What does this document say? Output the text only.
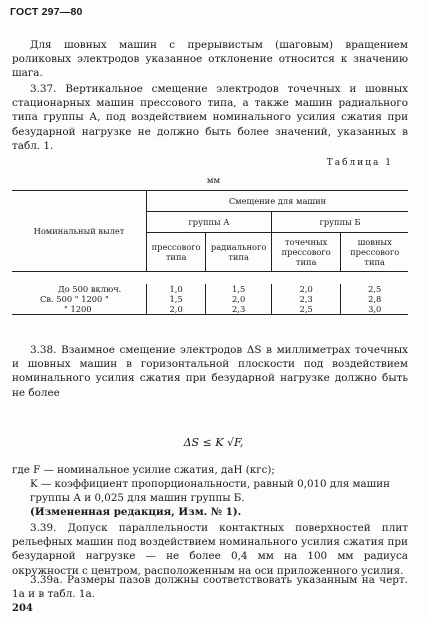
ГОСТ 297—80
Для шовных машин с прерывистым (шаговым) вращением роликовых электродов указанное отклонение относится к значению шага.
3.37. Вертикальное смещение электродов точечных и шовных стационарных машин прессового типа, а также машин радиального типа группы А, под воздействием номинального усилия сжатия при безударной нагрузке не должно быть более значений, указанных в табл. 1.
Таблица 1
мм
Номинальный вылет	Смещение для машин			
	группы А		группы Б	
	прессового типа	радиального типа	точечных прессового типа	шовных прессового типа

До 500 включ.	1,0	1,5	2,0	2,5
Св. 500 " 1200 "	1,5	2,0	2,3	2,8
" 1200	2,0	2,3	2,5	3,0
3.38. Взаимное смещение электродов ΔS в миллиметрах точечных и шовных машин в горизонтальной плоскости под воздействием номинального усилия сжатия при безударной нагрузке должно быть не более
ΔS ≤ K √F,
где F — номинальное усилие сжатия, даН (кгс);
K — коэффициент пропорциональности, равный 0,010 для машин группы А и 0,025 для машин группы Б.
(Измененная редакция, Изм. № 1).
3.39. Допуск параллельности контактных поверхностей плит рельефных машин под воздействием номинального усилия сжатия при безударной нагрузке — не более 0,4 мм на 100 мм радиуса окружности с центром, расположенным на оси приложенного усилия.
3.39а. Размеры пазов должны соответствовать указанным на черт. 1а и в табл. 1а.
204
